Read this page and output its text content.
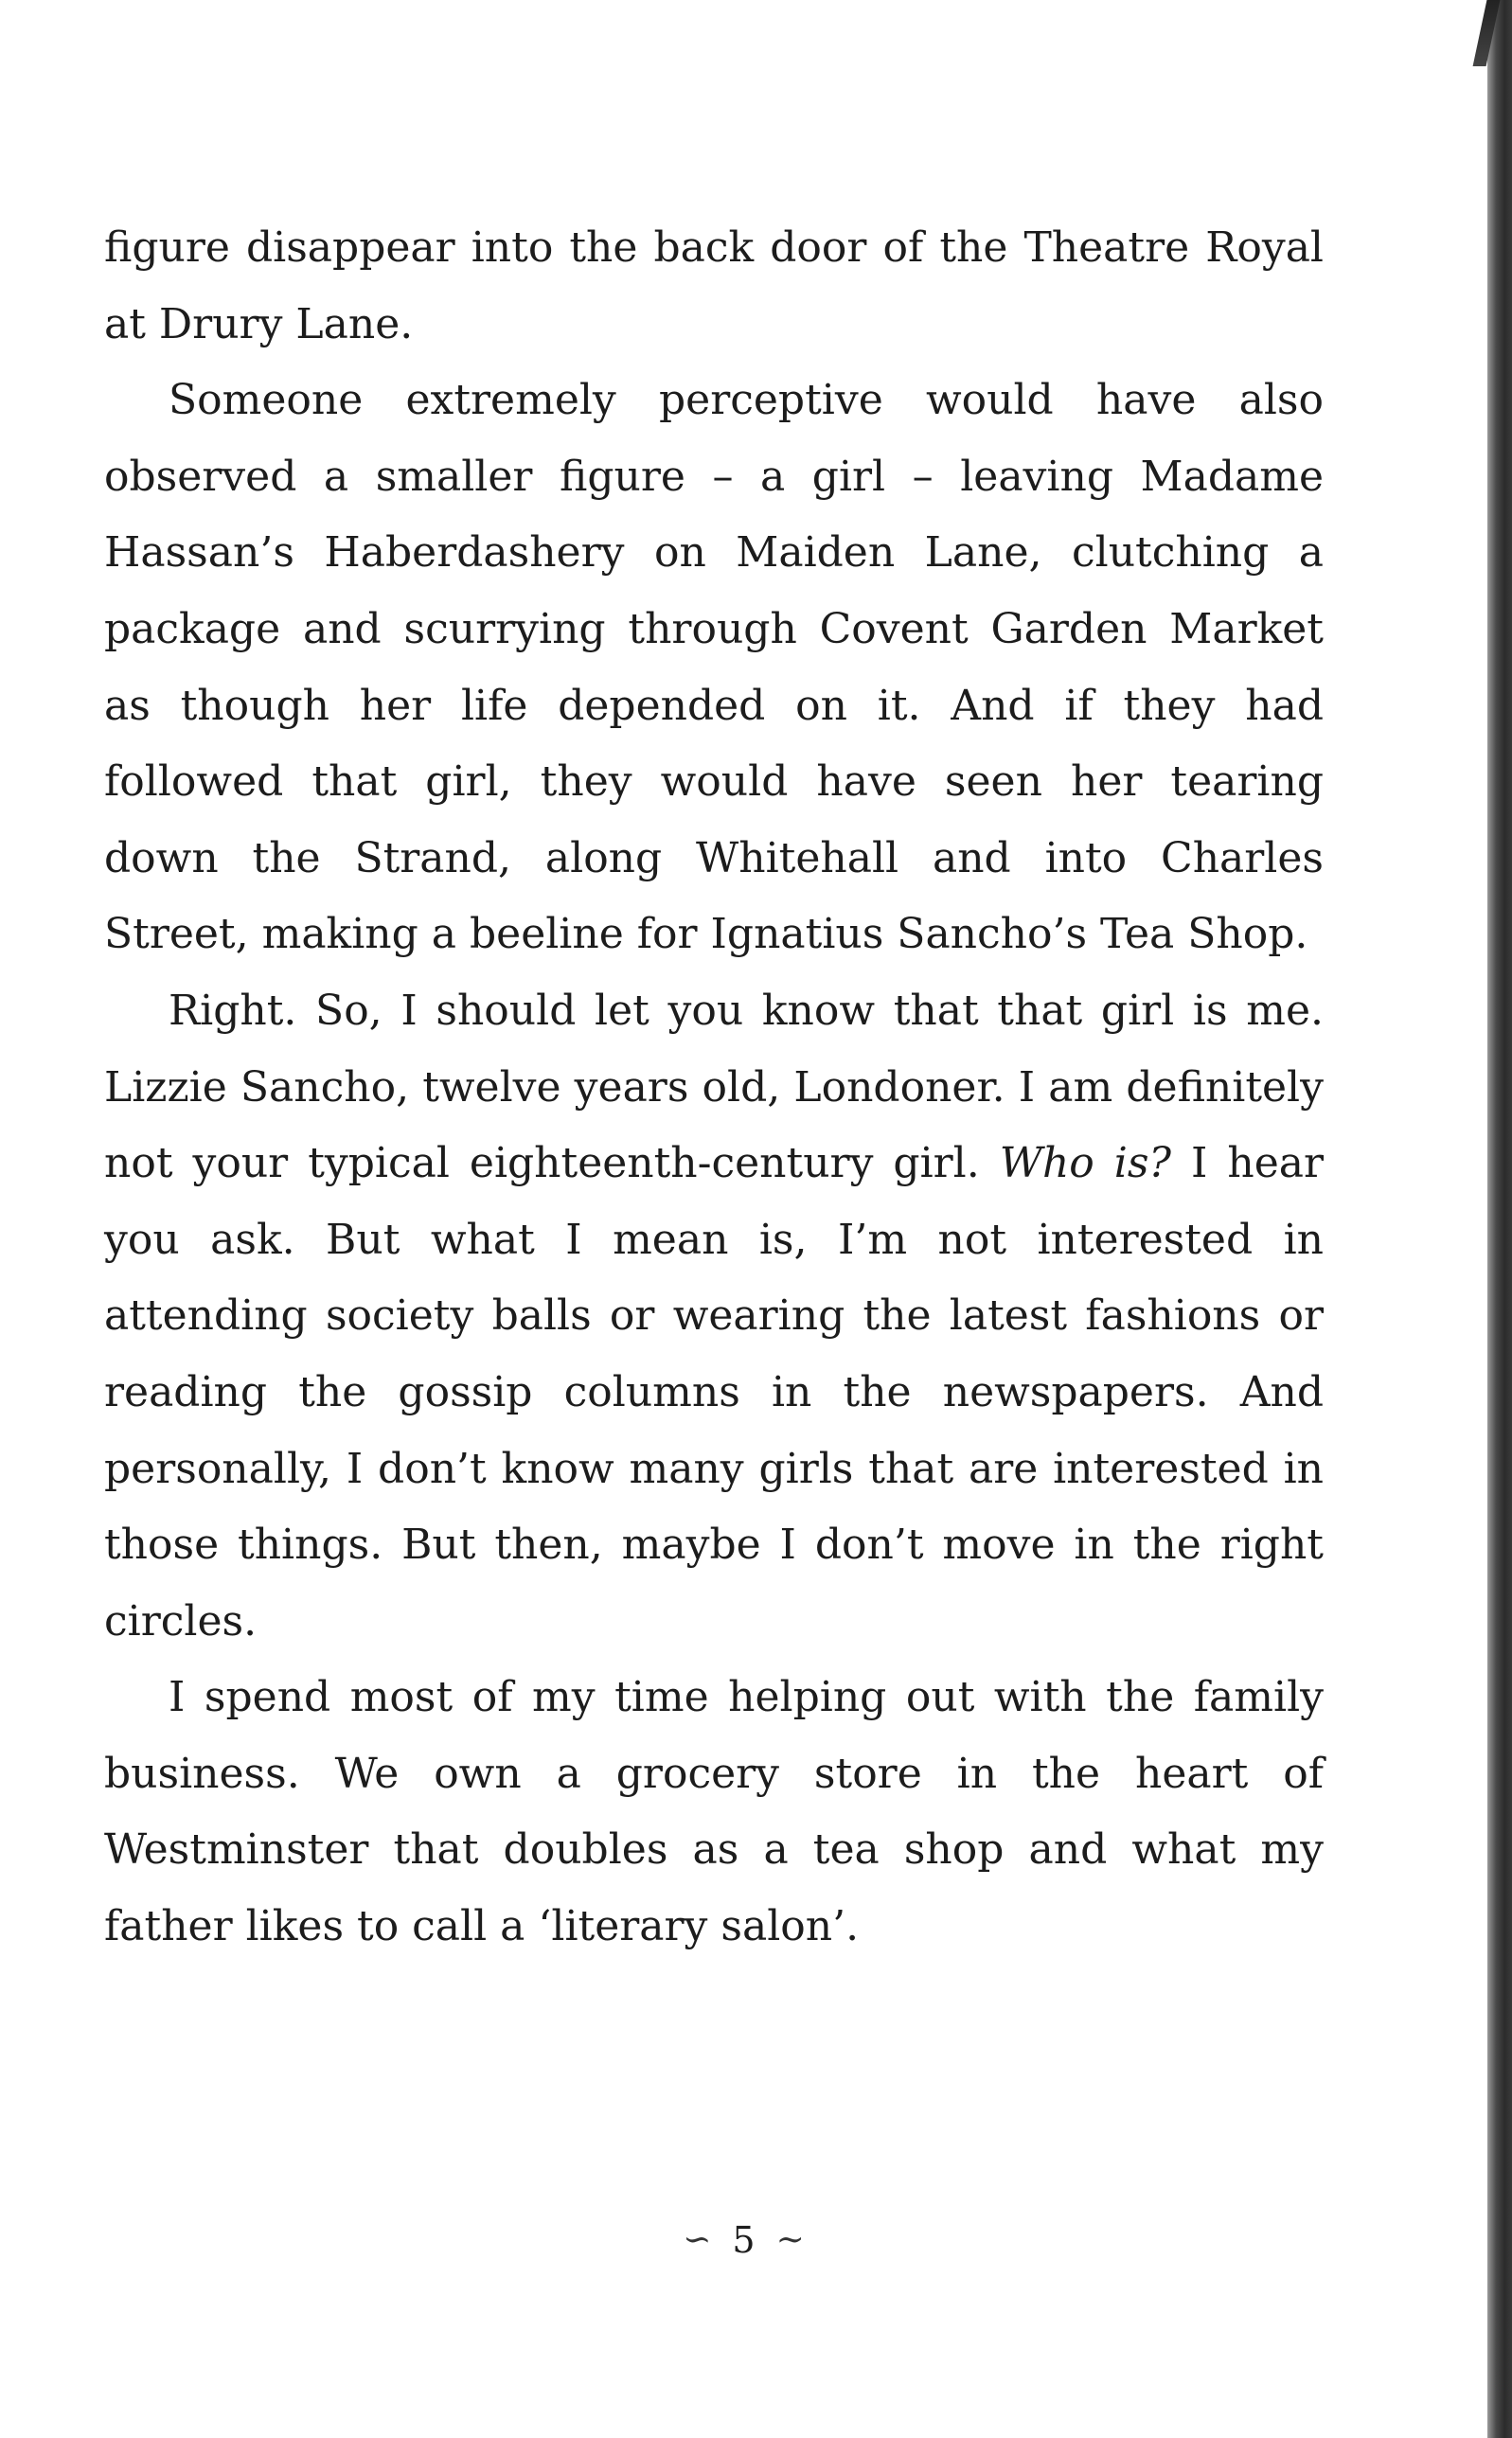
figure disappear into the back door of the Theatre Royal at Drury Lane.

Someone extremely perceptive would have also observed a smaller figure – a girl – leaving Madame Hassan’s Haberdashery on Maiden Lane, clutching a package and scurrying through Covent Garden Market as though her life depended on it. And if they had followed that girl, they would have seen her tearing down the Strand, along Whitehall and into Charles Street, making a beeline for Ignatius Sancho’s Tea Shop.

Right. So, I should let you know that that girl is me. Lizzie Sancho, twelve years old, Londoner. I am definitely not your typical eighteenth-century girl. Who is? I hear you ask. But what I mean is, I’m not interested in attending society balls or wearing the latest fashions or reading the gossip columns in the newspapers. And personally, I don’t know many girls that are interested in those things. But then, maybe I don’t move in the right circles.

I spend most of my time helping out with the family business. We own a grocery store in the heart of Westminster that doubles as a tea shop and what my father likes to call a ‘literary salon’.

∽ 5 ∼
